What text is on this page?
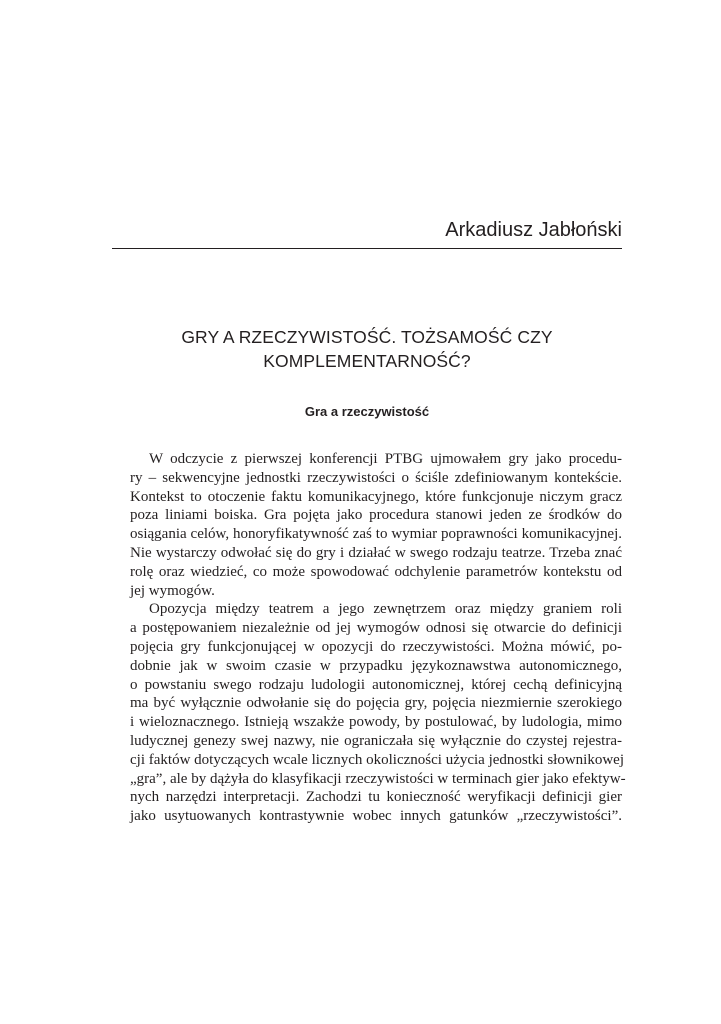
Arkadiusz Jabłoński
GRY A RZECZYWISTOŚĆ. TOŻSAMOŚĆ CZY
KOMPLEMENTARNOŚĆ?
Gra a rzeczywistość
W odczycie z pierwszej konferencji PTBG ujmowałem gry jako procedu-
ry – sekwencyjne jednostki rzeczywistości o ściśle zdefiniowanym kontekście.
Kontekst to otoczenie faktu komunikacyjnego, które funkcjonuje niczym gracz
poza liniami boiska. Gra pojęta jako procedura stanowi jeden ze środków do
osiągania celów, honoryfikatywność zaś to wymiar poprawności komunikacyjnej.
Nie wystarczy odwołać się do gry i działać w swego rodzaju teatrze. Trzeba znać
rolę oraz wiedzieć, co może spowodować odchylenie parametrów kontekstu od
jej wymogów.
Opozycja między teatrem a jego zewnętrzem oraz między graniem roli
a postępowaniem niezależnie od jej wymogów odnosi się otwarcie do definicji
pojęcia gry funkcjonującej w opozycji do rzeczywistości. Można mówić, po-
dobnie jak w swoim czasie w przypadku językoznawstwa autonomicznego,
o powstaniu swego rodzaju ludologii autonomicznej, której cechą definicyjną
ma być wyłącznie odwołanie się do pojęcia gry, pojęcia niezmiernie szerokiego
i wieloznacznego. Istnieją wszakże powody, by postulować, by ludologia, mimo
ludycznej genezy swej nazwy, nie ograniczała się wyłącznie do czystej rejestra-
cji faktów dotyczących wcale licznych okoliczności użycia jednostki słownikowej
„gra”, ale by dążyła do klasyfikacji rzeczywistości w terminach gier jako efektyw-
nych narzędzi interpretacji. Zachodzi tu konieczność weryfikacji definicji gier
jako usytuowanych kontrastywnie wobec innych gatunków „rzeczywistości”.
